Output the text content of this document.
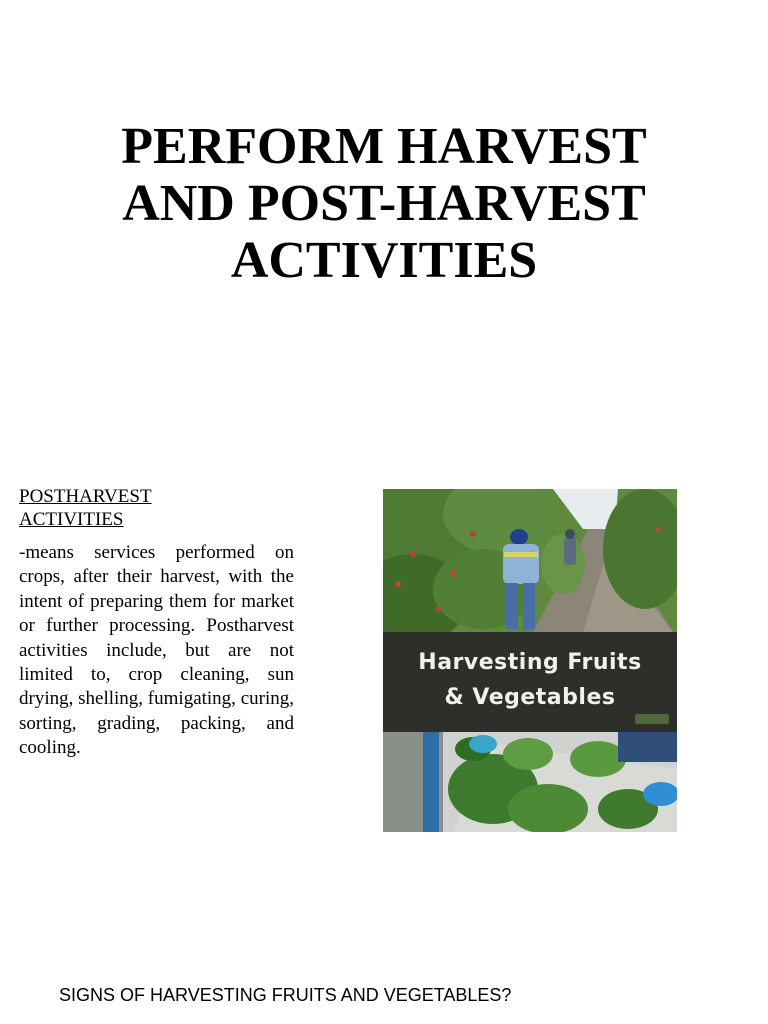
PERFORM HARVEST
AND POST-HARVEST
ACTIVITIES
POSTHARVEST
ACTIVITIES
-means services performed on crops, after their harvest, with the intent of preparing them for market or further processing. Postharvest activities include, but are not limited to, crop cleaning, sun drying, shelling, fumigating, curing, sorting, grading, packing, and cooling.
Harvesting Fruits
& Vegetables
SIGNS OF HARVESTING FRUITS AND VEGETABLES?
